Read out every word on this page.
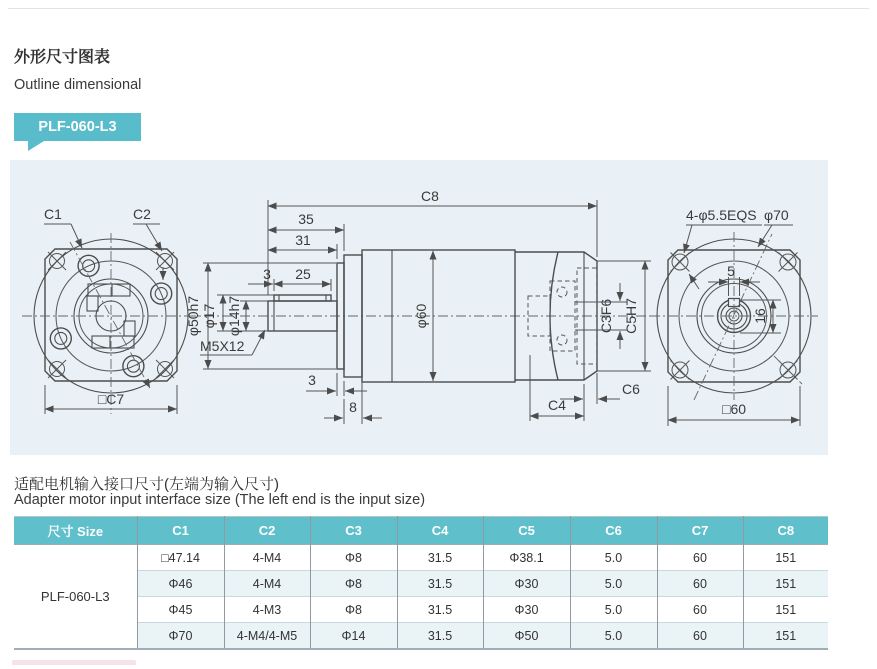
外形尺寸图表
Outline dimensional
PLF-060-L3
C1	C2
□C7
φ50h7
C8
35
31
3 25
φ17 φ14h7
M5X12
φ60
3
8	C4
C6
C5H7
C3F6
4-φ5.5EQS φ70
5
16
□60
适配电机输入接口尺寸(左端为输入尺寸)
Adapter motor input interface size (The left end is the input size)
尺寸 Size	C1	C2	C3	C4	C5	C6	C7	C8
PLF-060-L3	□47.14	4-M4	Φ8	31.5	Φ38.1	5.0	60	151
	Φ46	4-M4	Φ8	31.5	Φ30	5.0	60	151
	Φ45	4-M3	Φ8	31.5	Φ30	5.0	60	151
	Φ70	4-M4/4-M5	Φ14	31.5	Φ50	5.0	60	151
